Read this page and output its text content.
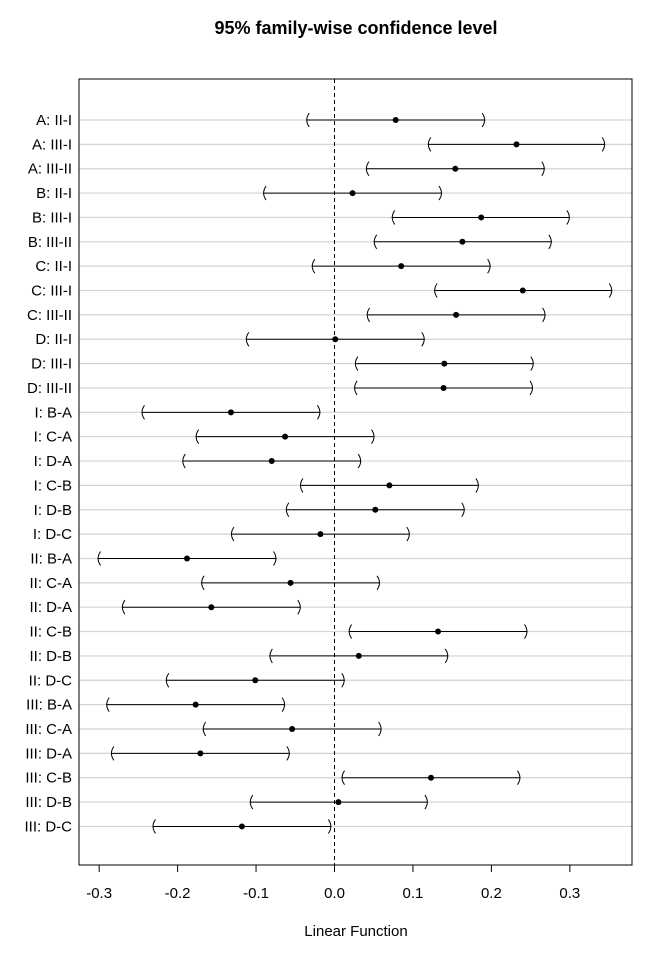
95% family-wise confidence level
A: II-I
A: III-I
A: III-II
B: II-I
B: III-I
B: III-II
C: II-I
C: III-I
C: III-II
D: II-I
D: III-I
D: III-II
I: B-A
I: C-A
I: D-A
I: C-B
I: D-B
I: D-C
II: B-A
II: C-A
II: D-A
II: C-B
II: D-B
II: D-C
III: B-A
III: C-A
III: D-A
III: C-B
III: D-B
III: D-C
-0.3	-0.2	-0.1	0.0	0.1	0.2	0.3
Linear Function
